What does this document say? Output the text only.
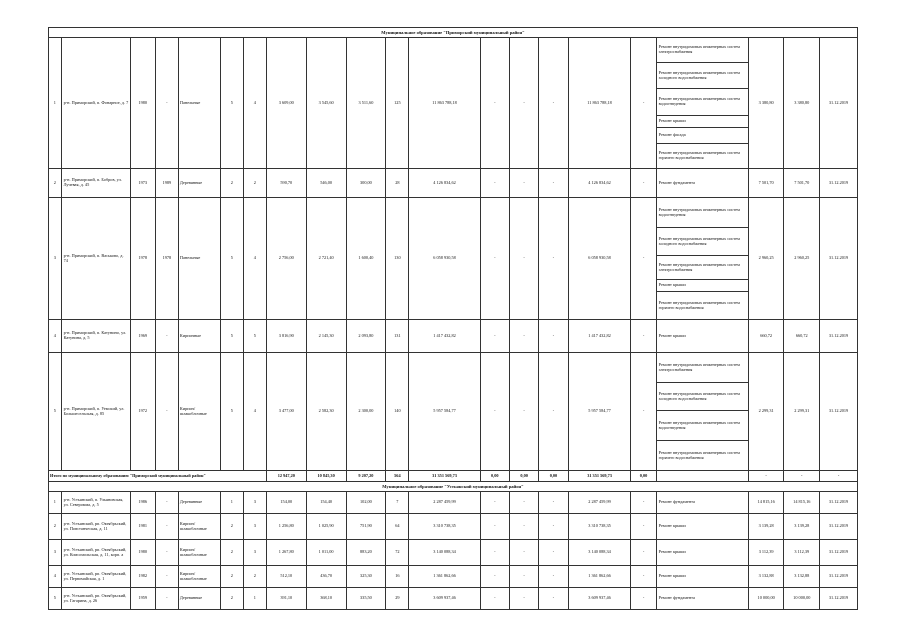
Муниципальное образование "Приморский муниципальный район"																				
1	р-н. Приморский, п. Фонарное, д. 7	1980	-	Панельные	5	4	3 609,00	3 545,60	3 511,60	125	11 863 788,18	-	-	-	11 863 788,18	-	Ремонт внутридомовых инженерных систем электроснабжения	3 380,80	3 380,80	31.12.2019
																	Ремонт внутридомовых инженерных систем холодного водоснабжения			
																	Ремонт внутридомовых инженерных систем водоотведения			
																	Ремонт крыши			
																	Ремонт фасада			
																	Ремонт внутридомовых инженерных систем горячего водоснабжения			
2	р-н. Приморский, п. Бобров, ул. Лучевая, д. 45	1973	1989	Деревянные	2	2	590,70	546,00	300,00	28	4 126 834,62	-	-	-	4 126 834,62	-	Ремонт фундамента	7 501,70	7 501,70	31.12.2019
3	р-н. Приморский, п. Васьково, д. 74	1978	1978	Панельные	5	4	2 756,00	2 721,40	1 600,40	130	6 058 930,58	-	-	-	6 058 930,58	-	Ремонт внутридомовых инженерных систем водоотведения	2 960,25	2 960,25	31.12.2019
																	Ремонт внутридомовых инженерных систем холодного водоснабжения			
																	Ремонт внутридомовых инженерных систем электроснабжения			
																	Ремонт крыши			
																	Ремонт внутридомовых инженерных систем горячего водоснабжения			
4	р-н. Приморский, п. Катунино, ул. Катунина, д. 5	1969	-	Кирпичные	5	5	3 816,90	2 145,30	2 093,80	131	1 417 432,82	-	-	-	1 417 432,82	-	Ремонт крыши	660,72	660,72	31.12.2019
5	р-н. Приморский, п. Уемский, ул. Большесельская, д. 85	1972	-	Кирпич/ шлакоблочные	5	4	3 477,00	2 582,30	2 300,00	140	5 957 584,77	-	-	-	5 957 584,77	-	Ремонт внутридомовых инженерных систем электроснабжения	2 299,31	2 299,31	31.12.2019
																	Ремонт внутридомовых инженерных систем холодного водоснабжения			
																	Ремонт внутридомовых инженерных систем водоотведения			
																	Ремонт внутридомовых инженерных систем горячего водоснабжения			
Итого по муниципальному образованию "Приморский муниципальный район"							12 947,20	10 845,30	9 207,20	564	31 351 569,73	0,00	0,00	0,00	31 351 569,73	0,00		-	-	-
Муниципальное образование "Устьянский муниципальный район"																				
1	р-н. Устьянский, п. Ульяновская, ул. Северомма, д. 5	1986	-	Деревянные	1	3	154,00	154,40	102,00	7	2 287 459,99	-	-	-	2 287 459,99	-	Ремонт фундамента	14 815,16	14 815,16	31.12.2019
2	р-н. Устьянский, рп. Октябрьский, ул. Повстанческая, д. 11	1981	-	Кирпич/ шлакоблочные	2	3	1 256,80	1 025,90	751,90	64	3 310 738,35	-	-	-	3 310 738,35	-	Ремонт крыши	3 139,28	3 139,28	31.12.2019
3	р-н. Устьянский, рп. Октябрьский, ул. Комсомольская, д. 11, корп. а	1980	-	Кирпич/ шлакоблочные	2	3	1 267,80	1 011,00	883,20	72	3 140 088,34	-	-	-	3 140 088,34	-	Ремонт крыши	3 112,39	3 112,39	31.12.2019
4	р-н. Устьянский, рп. Октябрьский, ул. Первомайская, д. 1	1982	-	Кирпич/ шлакоблочные	2	2	512,10	436,70	325,30	16	1 361 862,66	-	-	-	1 361 862,66	-	Ремонт крыши	3 132,88	3 132,88	31.12.2019
5	р-н. Устьянский, рп. Октябрьский, ул. Гагарина, д. 26	1959	-	Деревянные	2	1	391,10	368,10	335,50	29	3 609 937,46	-	-	-	3 609 937,46	-	Ремонт фундамента	10 000,00	10 000,00	31.12.2019
